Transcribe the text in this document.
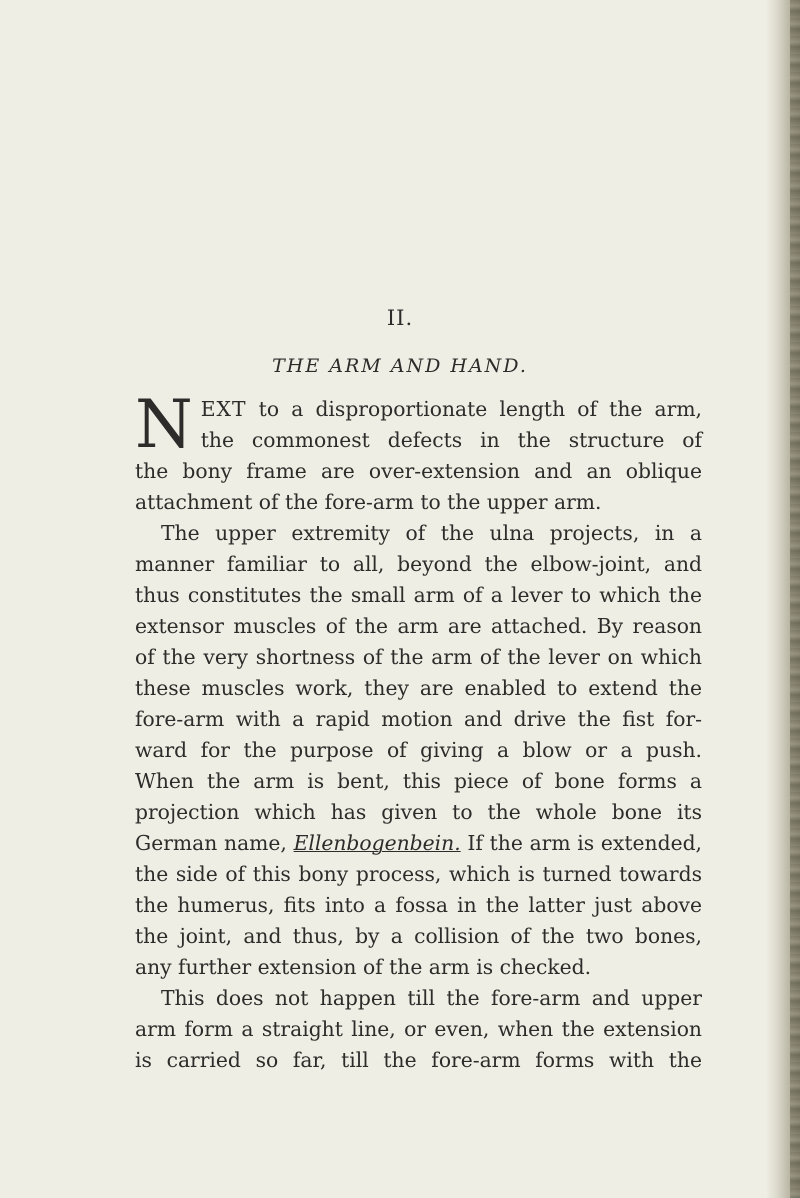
II.
THE ARM AND HAND.
N EXT to a disproportionate length of the arm,
the commonest defects in the structure of
the bony frame are over-extension and an oblique
attachment of the fore-arm to the upper arm.
The upper extremity of the ulna projects, in a
manner familiar to all, beyond the elbow-joint, and
thus constitutes the small arm of a lever to which the
extensor muscles of the arm are attached. By reason
of the very shortness of the arm of the lever on which
these muscles work, they are enabled to extend the
fore-arm with a rapid motion and drive the fist for-
ward for the purpose of giving a blow or a push.
When the arm is bent, this piece of bone forms a
projection which has given to the whole bone its
German name, Ellenbogenbein. If the arm is extended,
the side of this bony process, which is turned towards
the humerus, fits into a fossa in the latter just above
the joint, and thus, by a collision of the two bones,
any further extension of the arm is checked.
This does not happen till the fore-arm and upper
arm form a straight line, or even, when the extension
is carried so far, till the fore-arm forms with the
